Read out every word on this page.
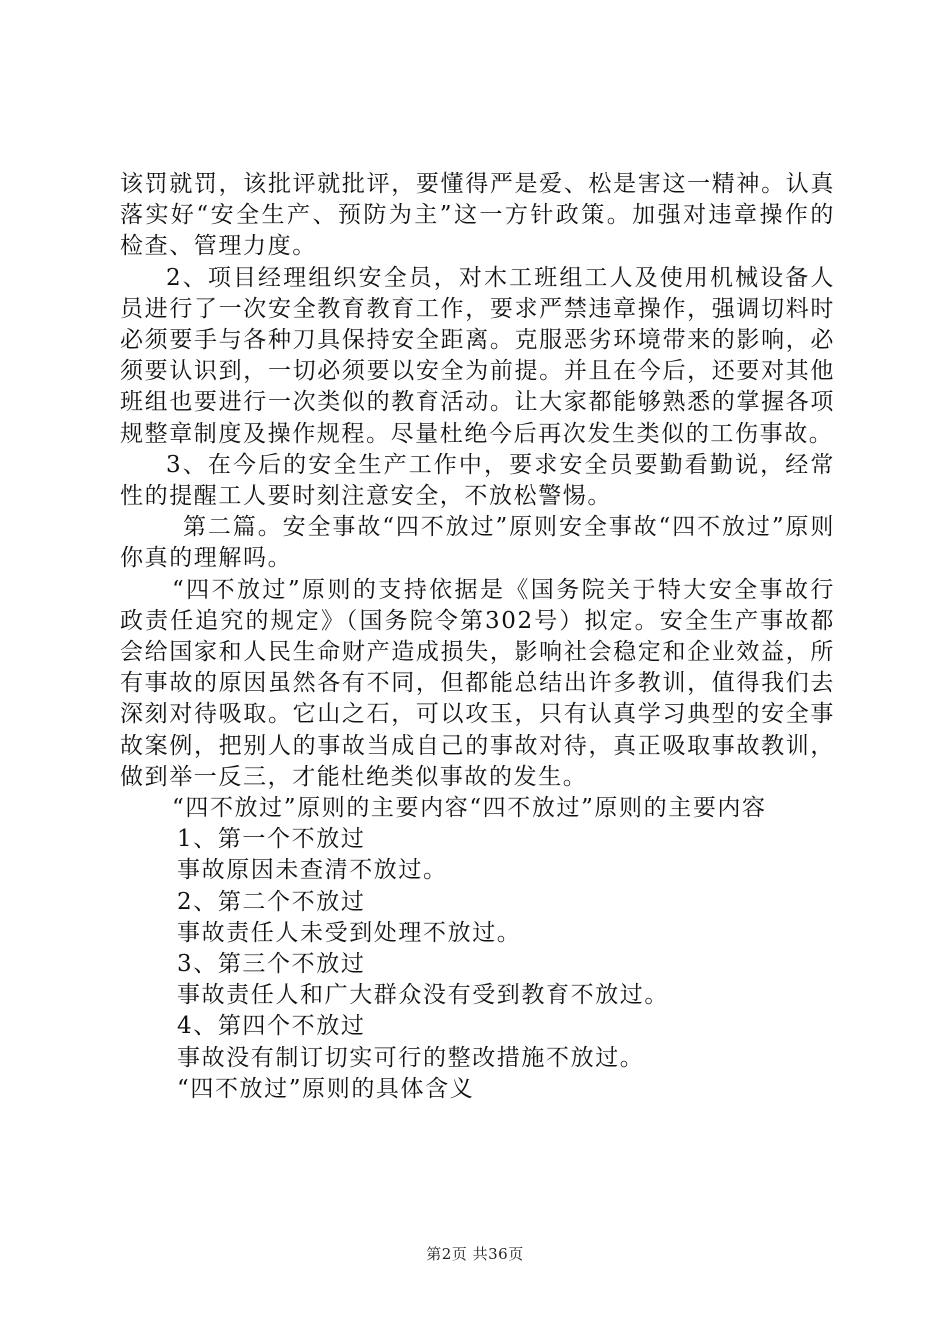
该罚就罚，该批评就批评，要懂得严是爱、松是害这一精神。认真落实好“安全生产、预防为主”这一方针政策。加强对违章操作的检查、管理力度。

2、项目经理组织安全员，对木工班组工人及使用机械设备人员进行了一次安全教育教育工作，要求严禁违章操作，强调切料时必须要手与各种刀具保持安全距离。克服恶劣环境带来的影响，必须要认识到，一切必须要以安全为前提。并且在今后，还要对其他班组也要进行一次类似的教育活动。让大家都能够熟悉的掌握各项规整章制度及操作规程。尽量杜绝今后再次发生类似的工伤事故。

3、在今后的安全生产工作中，要求安全员要勤看勤说，经常性的提醒工人要时刻注意安全，不放松警惕。

第二篇。安全事故“四不放过”原则安全事故“四不放过”原则你真的理解吗。

“四不放过”原则的支持依据是《国务院关于特大安全事故行政责任追究的规定》（国务院令第302号）拟定。安全生产事故都会给国家和人民生命财产造成损失，影响社会稳定和企业效益，所有事故的原因虽然各有不同，但都能总结出许多教训，值得我们去深刻对待吸取。它山之石，可以攻玉，只有认真学习典型的安全事故案例，把别人的事故当成自己的事故对待，真正吸取事故教训，做到举一反三，才能杜绝类似事故的发生。

“四不放过”原则的主要内容“四不放过”原则的主要内容

1、第一个不放过

事故原因未查清不放过。

2、第二个不放过

事故责任人未受到处理不放过。

3、第三个不放过

事故责任人和广大群众没有受到教育不放过。

4、第四个不放过

事故没有制订切实可行的整改措施不放过。

“四不放过”原则的具体含义

第2页 共36页
